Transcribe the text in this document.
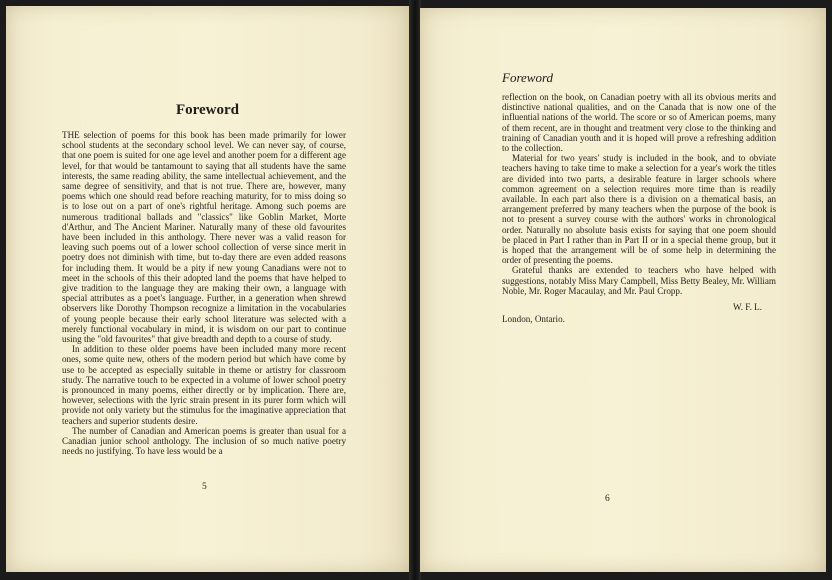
Foreword

THE selection of poems for this book has been made primarily for lower school students at the secondary school level. We can never say, of course, that one poem is suited for one age level and another poem for a different age level, for that would be tantamount to saying that all students have the same interests, the same reading ability, the same intellectual achievement, and the same degree of sensitivity, and that is not true. There are, however, many poems which one should read before reaching maturity, for to miss doing so is to lose out on a part of one's rightful heritage. Among such poems are numerous traditional ballads and "classics" like Goblin Market, Morte d'Arthur, and The Ancient Mariner. Naturally many of these old favourites have been included in this anthology. There never was a valid reason for leaving such poems out of a lower school collection of verse since merit in poetry does not diminish with time, but to-day there are even added reasons for including them. It would be a pity if new young Canadians were not to meet in the schools of this their adopted land the poems that have helped to give tradition to the language they are making their own, a language with special attributes as a poet's language. Further, in a generation when shrewd observers like Dorothy Thompson recognize a limitation in the vocabularies of young people because their early school literature was selected with a merely functional vocabulary in mind, it is wisdom on our part to continue using the "old favourites" that give breadth and depth to a course of study.

In addition to these older poems have been included many more recent ones, some quite new, others of the modern period but which have come by use to be accepted as especially suitable in theme or artistry for classroom study. The narrative touch to be expected in a volume of lower school poetry is pronounced in many poems, either directly or by implication. There are, however, selections with the lyric strain present in its purer form which will provide not only variety but the stimulus for the imaginative appreciation that teachers and superior students desire.

The number of Canadian and American poems is greater than usual for a Canadian junior school anthology. The inclusion of so much native poetry needs no justifying. To have less would be a

5
Foreword

reflection on the book, on Canadian poetry with all its obvious merits and distinctive national qualities, and on the Canada that is now one of the influential nations of the world. The score or so of American poems, many of them recent, are in thought and treatment very close to the thinking and training of Canadian youth and it is hoped will prove a refreshing addition to the collection.

Material for two years' study is included in the book, and to obviate teachers having to take time to make a selection for a year's work the titles are divided into two parts, a desirable feature in larger schools where common agreement on a selection requires more time than is readily available. In each part also there is a division on a thematical basis, an arrangement preferred by many teachers when the purpose of the book is not to present a survey course with the authors' works in chronological order. Naturally no absolute basis exists for saying that one poem should be placed in Part I rather than in Part II or in a special theme group, but it is hoped that the arrangement will be of some help in determining the order of presenting the poems.

Grateful thanks are extended to teachers who have helped with suggestions, notably Miss Mary Campbell, Miss Betty Bealey, Mr. William Noble, Mr. Roger Macaulay, and Mr. Paul Cropp.

W. F. L.
London, Ontario.
6
